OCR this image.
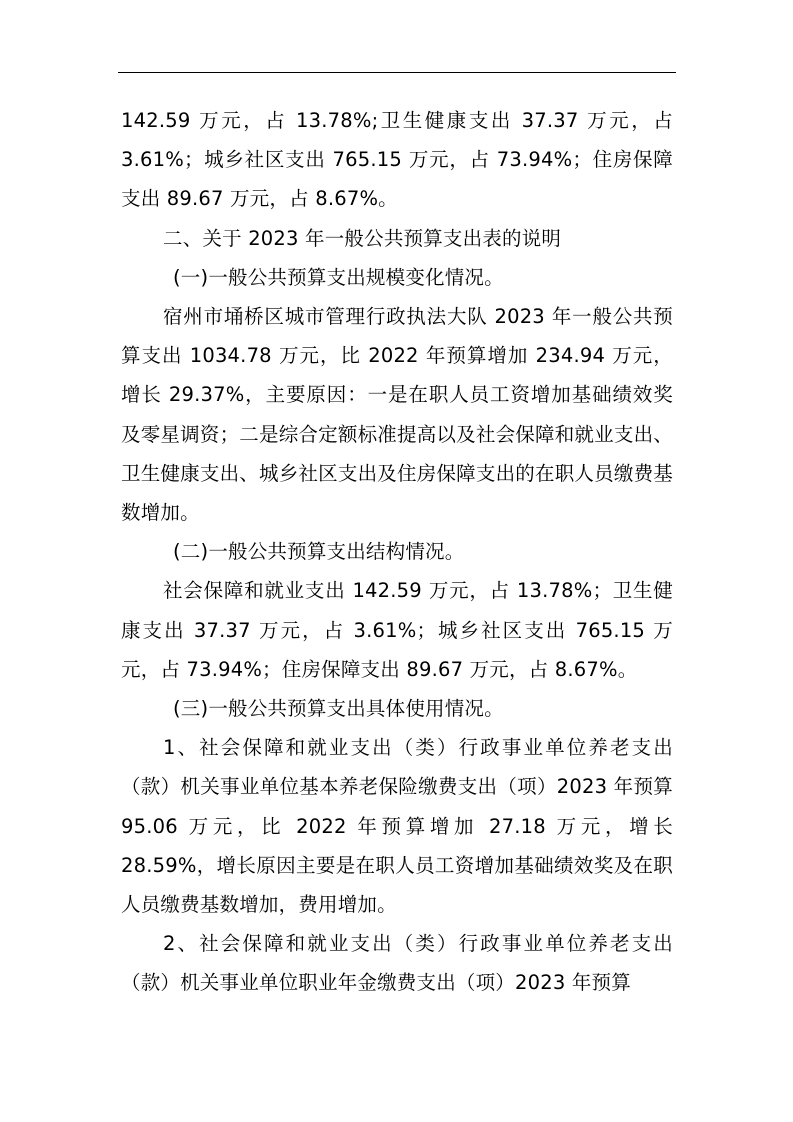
142.59 万元，占 13.78%;卫生健康支出 37.37 万元，占 3.61%；城乡社区支出 765.15 万元，占 73.94%；住房保障支出 89.67 万元，占 8.67%。

二、关于 2023 年一般公共预算支出表的说明

(一)一般公共预算支出规模变化情况。

宿州市埇桥区城市管理行政执法大队 2023 年一般公共预算支出 1034.78 万元，比 2022 年预算增加 234.94 万元，增长 29.37%，主要原因：一是在职人员工资增加基础绩效奖及零星调资；二是综合定额标准提高以及社会保障和就业支出、卫生健康支出、城乡社区支出及住房保障支出的在职人员缴费基数增加。

(二)一般公共预算支出结构情况。

社会保障和就业支出 142.59 万元，占 13.78%；卫生健康支出 37.37 万元，占 3.61%；城乡社区支出 765.15 万元，占 73.94%；住房保障支出 89.67 万元，占 8.67%。

(三)一般公共预算支出具体使用情况。

1、社会保障和就业支出（类）行政事业单位养老支出（款）机关事业单位基本养老保险缴费支出（项）2023 年预算 95.06 万元，比 2022 年预算增加 27.18 万元，增长 28.59%，增长原因主要是在职人员工资增加基础绩效奖及在职人员缴费基数增加，费用增加。

2、社会保障和就业支出（类）行政事业单位养老支出（款）机关事业单位职业年金缴费支出（项）2023 年预算
